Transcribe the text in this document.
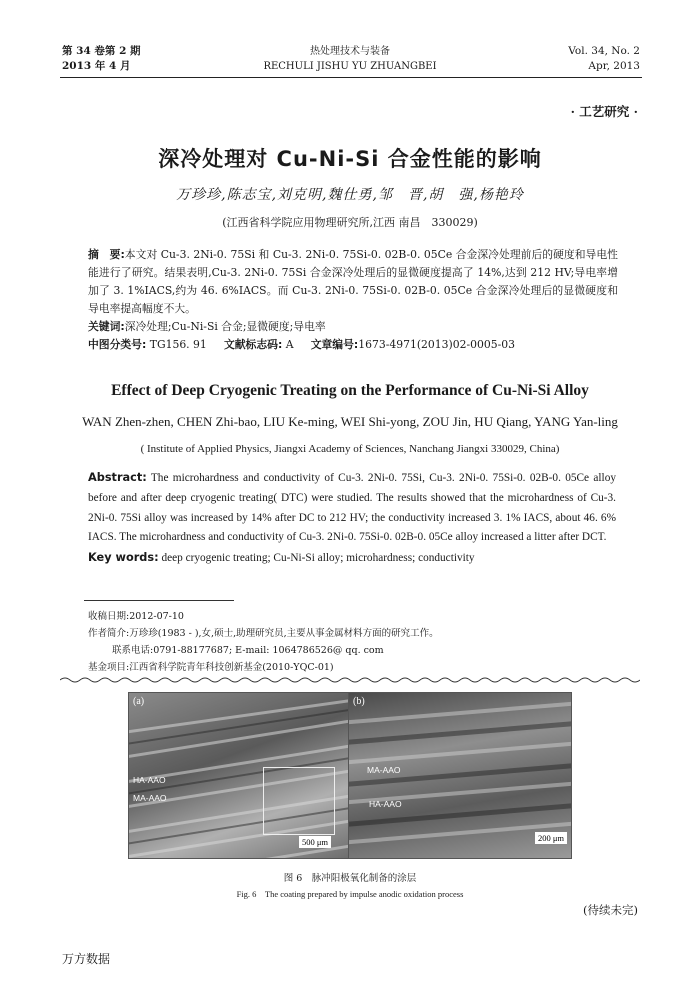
第 34 卷第 2 期
2013 年 4 月
热处理技术与装备
RECHULI JISHU YU ZHUANGBEI
Vol. 34, No. 2
Apr, 2013
· 工艺研究 ·
深冷处理对 Cu-Ni-Si 合金性能的影响
万珍珍,陈志宝,刘克明,魏仕勇,邹　晋,胡　强,杨艳玲
(江西省科学院应用物理研究所,江西 南昌　330029)
摘　要:本文对 Cu-3. 2Ni-0. 75Si 和 Cu-3. 2Ni-0. 75Si-0. 02B-0. 05Ce 合金深冷处理前后的硬度和导电性能进行了研究。结果表明,Cu-3. 2Ni-0. 75Si 合金深冷处理后的显微硬度提高了 14%,达到 212 HV;导电率增加了 3. 1%IACS,约为 46. 6%IACS。而 Cu-3. 2Ni-0. 75Si-0. 02B-0. 05Ce 合金深冷处理后的显微硬度和导电率提高幅度不大。
关键词:深冷处理;Cu-Ni-Si 合金;显微硬度;导电率
中图分类号: TG156. 91 文献标志码: A 文章编号:1673-4971(2013)02-0005-03
Effect of Deep Cryogenic Treating on the Performance of Cu-Ni-Si Alloy
WAN Zhen-zhen, CHEN Zhi-bao, LIU Ke-ming, WEI Shi-yong, ZOU Jin, HU Qiang, YANG Yan-ling
( Institute of Applied Physics, Jiangxi Academy of Sciences, Nanchang Jiangxi 330029, China)
Abstract: The microhardness and conductivity of Cu-3. 2Ni-0. 75Si, Cu-3. 2Ni-0. 75Si-0. 02B-0. 05Ce alloy before and after deep cryogenic treating( DTC) were studied. The results showed that the microhardness of Cu-3. 2Ni-0. 75Si alloy was increased by 14% after DC to 212 HV; the conductivity increased 3. 1% IACS, about 46. 6% IACS. The microhardness and conductivity of Cu-3. 2Ni-0. 75Si-0. 02B-0. 05Ce alloy increased a litter after DCT.
Key words: deep cryogenic treating; Cu-Ni-Si alloy; microhardness; conductivity
收稿日期:2012-07-10
作者简介:万珍珍(1983 - ),女,硕士,助理研究员,主要从事金属材料方面的研究工作。
联系电话:0791-88177687; E-mail: 1064786526@ qq. com
基金项目:江西省科学院青年科技创新基金(2010-YQC-01)
(a)
HA-AAO
MA-AAO
500 μm
(b)
MA-AAO
HA-AAO
200 μm
图 6　脉冲阳极氧化制备的涂层
Fig. 6　The coating prepared by impulse anodic oxidation process
(待续未完)
万方数据
